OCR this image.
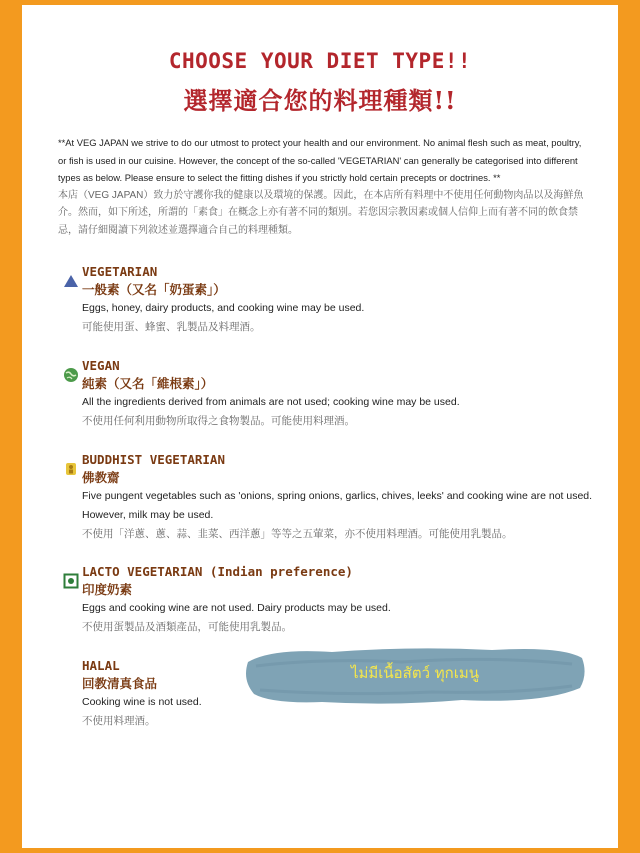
CHOOSE YOUR DIET TYPE!!
選擇適合您的料理種類!!

**At VEG JAPAN we strive to do our utmost to protect your health and our environment. No animal flesh such as meat, poultry, or fish is used in our cuisine. However, the concept of the so-called 'VEGETARIAN' can generally be categorised into different types as below. Please ensure to select the fitting dishes if you strictly hold certain precepts or doctrines. **

本店（VEG JAPAN）致力於守護你我的健康以及環境的保護。因此，在本店所有料理中不使用任何動物肉品以及海鮮魚介。然而，如下所述，所謂的「素食」在概念上亦有著不同的類別。若您因宗教因素或個人信仰上而有著不同的飲食禁忌，請仔細閱讀下列敘述並選擇適合自己的料理種類。

VEGETARIAN
一般素（又名「奶蛋素」）
Eggs, honey, dairy products, and cooking wine may be used.
可能使用蛋、蜂蜜、乳製品及料理酒。
VEGAN
純素（又名「維根素」）
All the ingredients derived from animals are not used; cooking wine may be used.
不使用任何利用動物所取得之食物製品。可能使用料理酒。
BUDDHIST VEGETARIAN
佛教齋
Five pungent vegetables such as 'onions, spring onions, garlics, chives, leeks' and cooking wine are not used. However, milk may be used.
不使用「洋蔥、蔥、蒜、韭菜、西洋蔥」等等之五葷菜，亦不使用料理酒。可能使用乳製品。
LACTO VEGETARIAN (Indian preference)
印度奶素
Eggs and cooking wine are not used. Dairy products may be used.
不使用蛋製品及酒類產品，可能使用乳製品。
HALAL
回教清真食品
Cooking wine is not used.
不使用料理酒。
ไม่มีเนื้อสัตว์ ทุกเมนู
